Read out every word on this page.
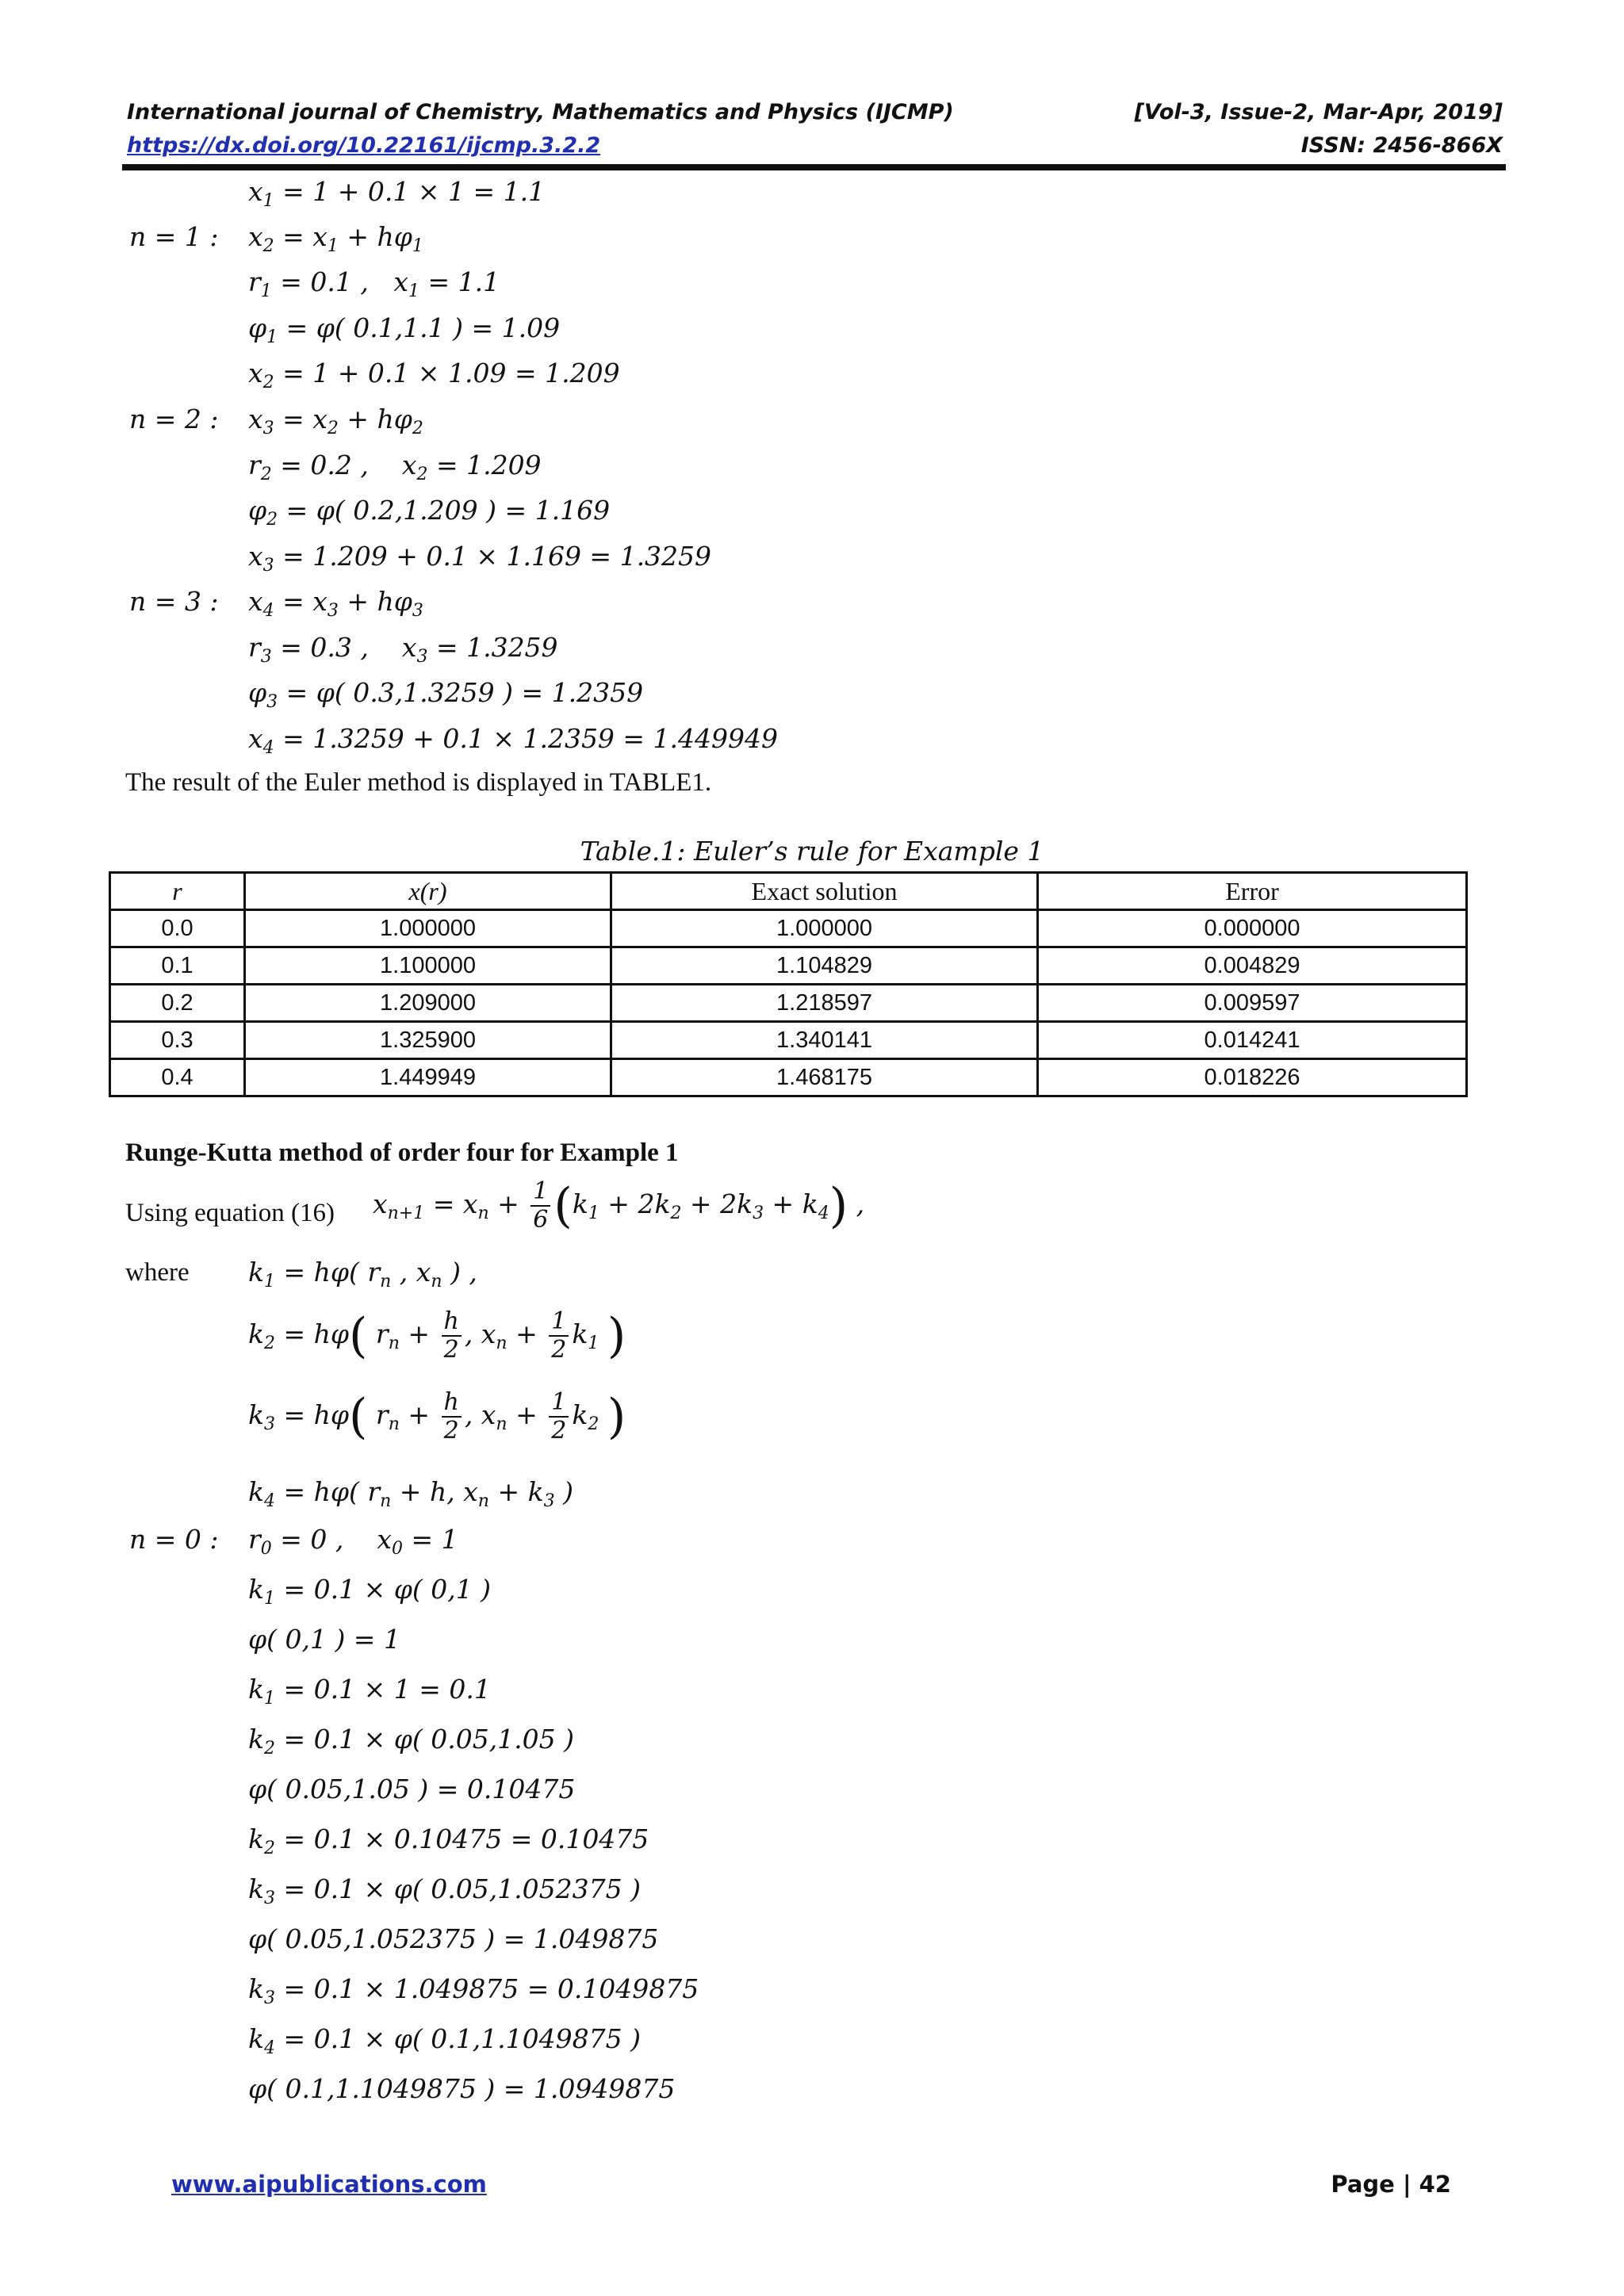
International journal of Chemistry, Mathematics and Physics (IJCMP)
https://dx.doi.org/10.22161/ijcmp.3.2.2
[Vol-3, Issue-2, Mar-Apr, 2019]
ISSN: 2456-866X
$x_1 = 1 + 0.1 \times 1 = 1.1$
n = 1 : $x_2 = x_1 + h\varphi_1$
$r_1 = 0.1$ ,   $x_1 = 1.1$
$\varphi_1 = \varphi$( 0.1,1.1 ) = 1.09
$x_2 = 1 + 0.1 \times 1.09 = 1.209$
n = 2 : $x_3 = x_2 + h\varphi_2$
$r_2 = 0.2$ ,    $x_2 = 1.209$
$\varphi_2 = \varphi$( 0.2,1.209 ) = 1.169
$x_3 = 1.209 + 0.1 \times 1.169 = 1.3259$
n = 3 : $x_4 = x_3 + h\varphi_3$
$r_3 = 0.3$ ,    $x_3 = 1.3259$
$\varphi_3 = \varphi$( 0.3,1.3259 ) = 1.2359
$x_4 = 1.3259 + 0.1 \times 1.2359 = 1.449949$
The result of the Euler method is displayed in TABLE1.
Table.1: Euler’s rule for Example 1
r	x(r)	Exact solution	Error
0.0	1.000000	1.000000	0.000000
0.1	1.100000	1.104829	0.004829
0.2	1.209000	1.218597	0.009597
0.3	1.325900	1.340141	0.014241
0.4	1.449949	1.468175	0.018226
Runge-Kutta method of order four for Example 1
Using equation (16) $x_{n+1} = x_n + \frac{1}{6} (k_1 + 2k_2 + 2k_3 + k_4)$ ,
where $k_1 = h\varphi$( $r_n$ , $x_n$ ) ,
$k_2 = h\varphi$( $r_n + \frac{h}{2}$ , $x_n + \frac{1}{2} k_1$ )
$k_3 = h\varphi$( $r_n + \frac{h}{2}$ , $x_n + \frac{1}{2} k_2$ )
$k_4 = h\varphi$( $r_n + h$, $x_n + k_3$ )
n = 0 : $r_0 = 0$ ,    $x_0 = 1$
$k_1 = 0.1 \times \varphi$( 0,1 )
φ( 0,1 ) = 1
$k_1 = 0.1 \times 1 = 0.1$
$k_2 = 0.1 \times \varphi$( 0.05,1.05 )
φ( 0.05,1.05 ) = 0.10475
$k_2 = 0.1 \times 0.10475 = 0.10475$
$k_3 = 0.1 \times \varphi$( 0.05,1.052375 )
φ( 0.05,1.052375 ) = 1.049875
$k_3 = 0.1 \times 1.049875 = 0.1049875$
$k_4 = 0.1 \times \varphi$( 0.1,1.1049875 )
φ( 0.1,1.1049875 ) = 1.0949875
www.aipublications.com	Page | 42
